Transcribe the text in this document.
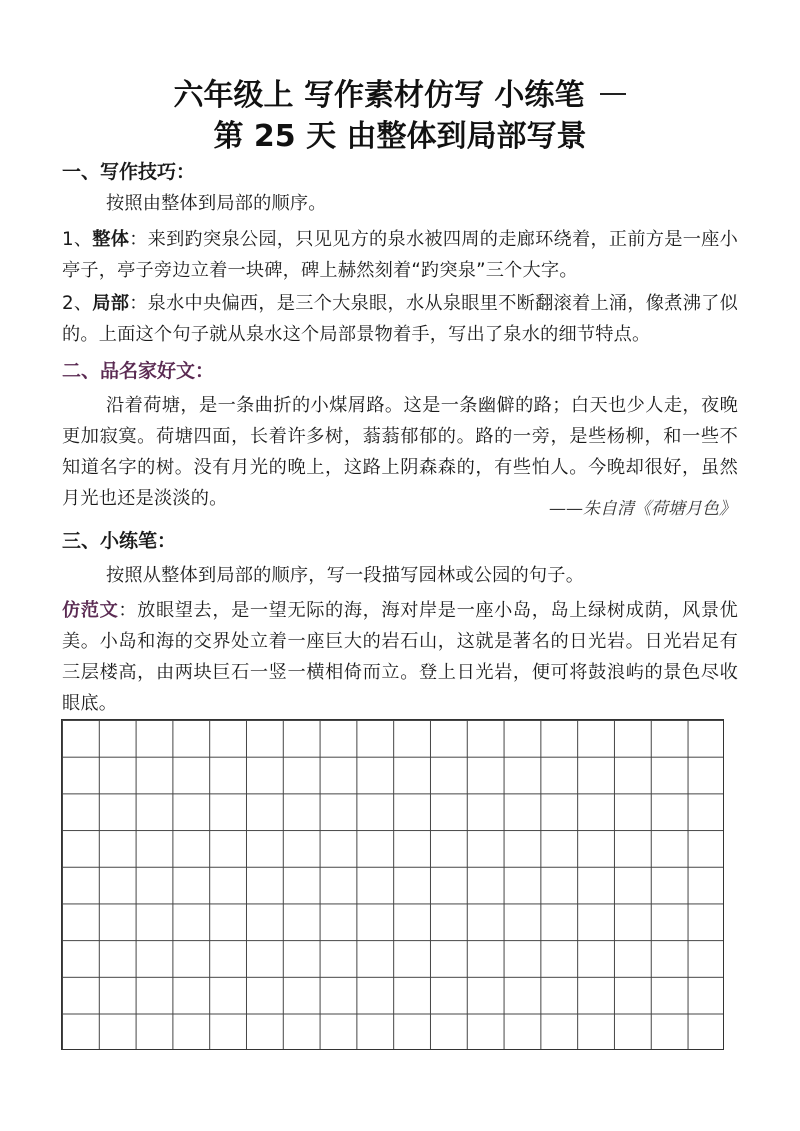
六年级上 写作素材仿写 小练笔
第 25 天 由整体到局部写景
一、写作技巧：
按照由整体到局部的顺序。
1、整体：来到趵突泉公园，只见见方的泉水被四周的走廊环绕着，正前方是一座小亭子，亭子旁边立着一块碑，碑上赫然刻着“趵突泉”三个大字。
2、局部：泉水中央偏西，是三个大泉眼，水从泉眼里不断翻滚着上涌，像煮沸了似的。上面这个句子就从泉水这个局部景物着手，写出了泉水的细节特点。
二、品名家好文：
沿着荷塘，是一条曲折的小煤屑路。这是一条幽僻的路；白天也少人走，夜晚更加寂寞。荷塘四面，长着许多树，蓊蓊郁郁的。路的一旁，是些杨柳，和一些不知道名字的树。没有月光的晚上，这路上阴森森的，有些怕人。今晚却很好，虽然月光也还是淡淡的。	——朱自清《荷塘月色》
三、小练笔：
按照从整体到局部的顺序，写一段描写园林或公园的句子。
仿范文：放眼望去，是一望无际的海，海对岸是一座小岛，岛上绿树成荫，风景优美。小岛和海的交界处立着一座巨大的岩石山，这就是著名的日光岩。日光岩足有三层楼高，由两块巨石一竖一横相倚而立。登上日光岩，便可将鼓浪屿的景色尽收眼底。
